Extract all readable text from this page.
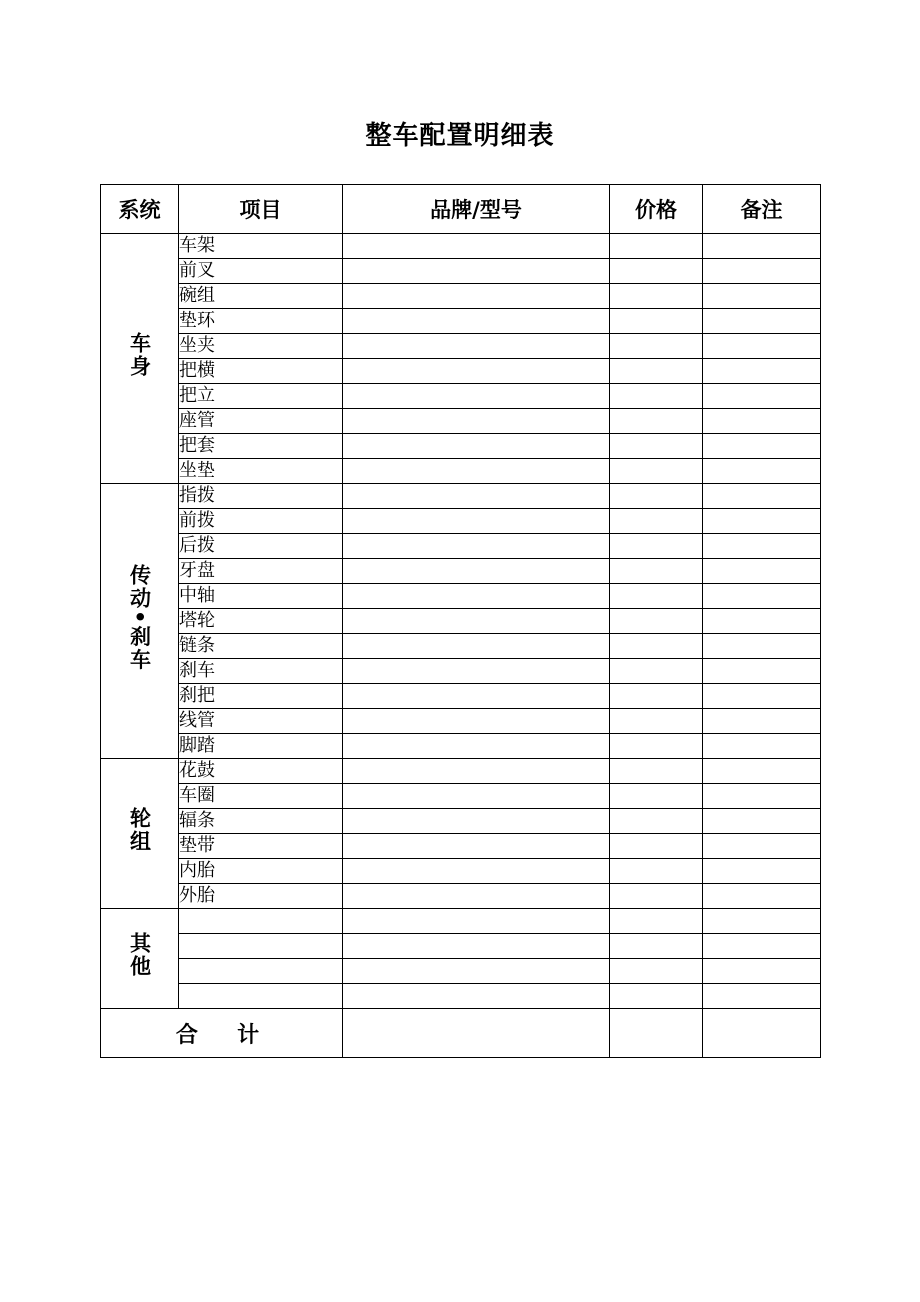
整车配置明细表
系统	项目	品牌/型号	价格	备注
车身	车架			
	前叉			
	碗组			
	垫环			
	坐夹			
	把横			
	把立			
	座管			
	把套			
	坐垫			
传动•刹车	指拨			
	前拨			
	后拨			
	牙盘			
	中轴			
	塔轮			
	链条			
	刹车			
	刹把			
	线管			
	脚踏			
轮组	花鼓			
	车圈			
	辐条			
	垫带			
	内胎			
	外胎			
其他				

合  计				
